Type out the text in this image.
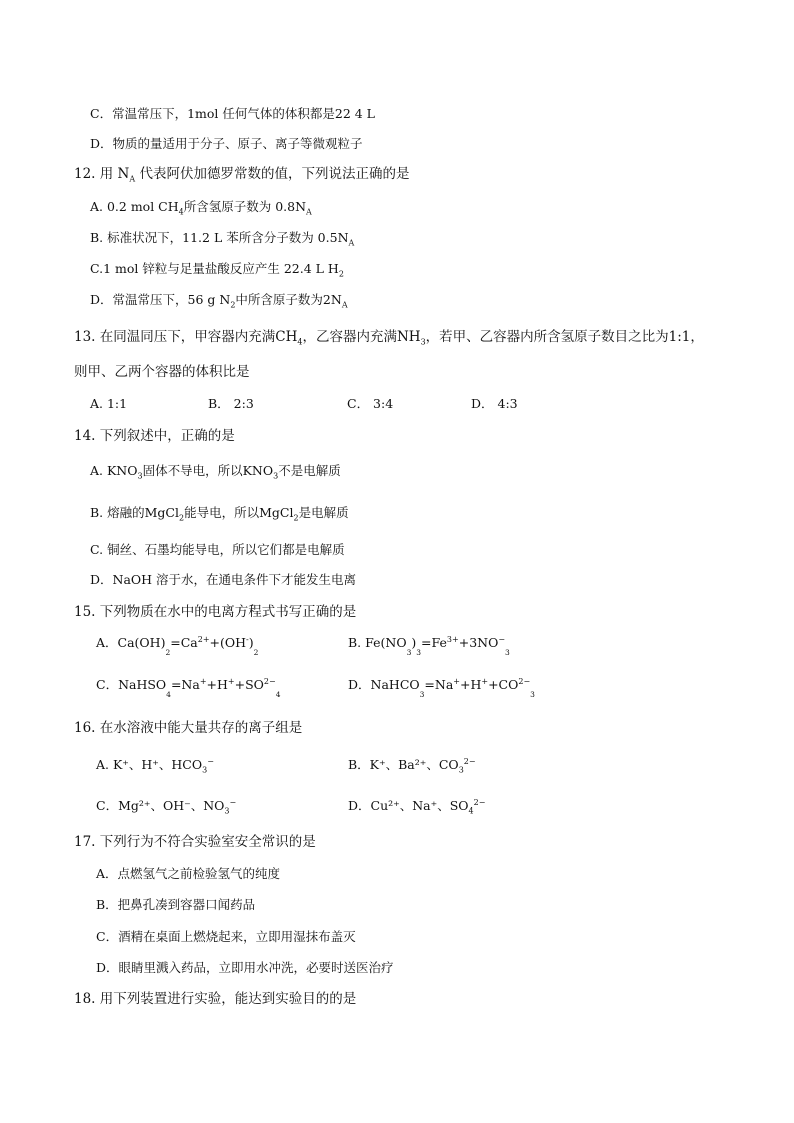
C．常温常压下，1mol 任何气体的体积都是22 4 L
D．物质的量适用于分子、原子、离子等微观粒子
12. 用 $N_A$ 代表阿伏加德罗常数的值，下列说法正确的是
A. 0.2 mol $CH_4$所含氢原子数为 $0.8N_A$
B. 标准状况下，11.2 L 苯所含分子数为 $0.5N_A$
C.1 mol 锌粒与足量盐酸反应产生 22.4 L $H_2$
D．常温常压下，56 g $N_2$中所含原子数为$2N_A$
13. 在同温同压下，甲容器内充满$CH_4$，乙容器内充满$NH_3$，若甲、乙容器内所含氢原子数目之比为1:1，
则甲、乙两个容器的体积比是
A. 1:1	B． 2:3	C． 3:4	D． 4:3
14. 下列叙述中，正确的是
A. $KNO_3$固体不导电，所以$KNO_3$不是电解质
B. 熔融的MgCl$_2$能导电，所以MgCl$_2$是电解质
C. 铜丝、石墨均能导电，所以它们都是电解质
D．NaOH 溶于水，在通电条件下才能发生电离
15. 下列物质在水中的电离方程式书写正确的是
A．$Ca(OH)_2=Ca^{2+}+(OH^-)_2$
B. $Fe(NO_3)_3=Fe^{3+}+3NO^-_3$
C．$NaHSO_4=Na^++H^++SO^{2-}_4$
D．$NaHCO_3=Na^++H^++CO^{2-}_3$
16. 在水溶液中能大量共存的离子组是
A. K⁺、H⁺、$HCO_3^-$	B．K⁺、Ba²⁺、$CO_3^{2-}$
C．Mg²⁺、OH⁻、$NO_3^-$	D．Cu²⁺、Na⁺、$SO_4^{2-}$
17. 下列行为不符合实验室安全常识的是
A．点燃氢气之前检验氢气的纯度
B．把鼻孔凑到容器口闻药品
C．酒精在桌面上燃烧起来，立即用湿抹布盖灭
D．眼睛里溅入药品，立即用水冲洗，必要时送医治疗
18. 用下列装置进行实验，能达到实验目的的是
